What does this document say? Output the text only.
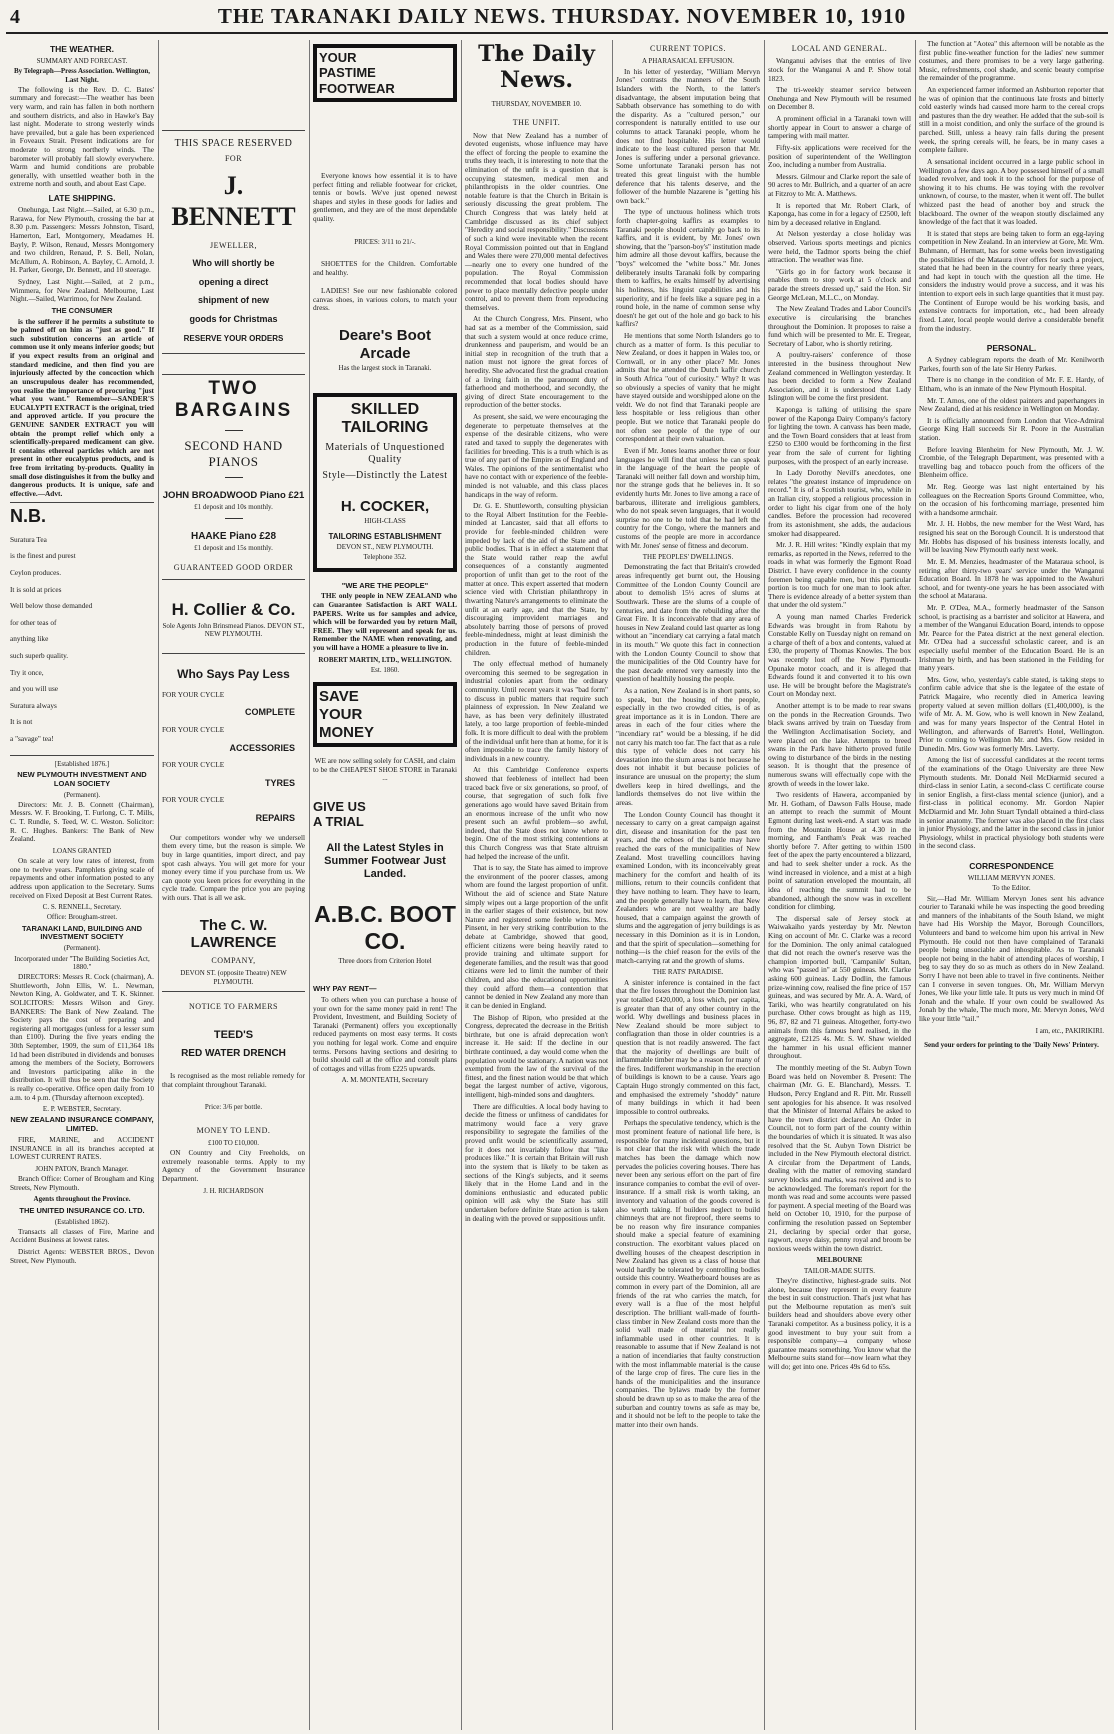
4	THE TARANAKI DAILY NEWS. THURSDAY. NOVEMBER 10, 1910
THE WEATHER.
SUMMARY AND FORECAST.
By Telegraph—Press Association. Wellington, Last Night.

The following is the Rev. D. C. Bates' summary and forecast:—The weather has been very warm, and rain has fallen in both northern and southern districts, and also in Hawke's Bay last night. Moderate to strong westerly winds have prevailed, but a gale has been experienced in Foveaux Strait. Present indications are for moderate to strong northerly winds. The barometer will probably fall slowly everywhere. Warm and humid conditions are probable generally, with unsettled weather both in the extreme north and south, and about East Cape.

LATE SHIPPING.

Onehunga, Last Night.—Sailed, at 6.30 p.m., Rarawa, for New Plymouth, crossing the bar at 8.30 p.m. Passengers: Messrs Johnston, Tisard, Hamerton, Earl, Montgomery, Meadames H. Bayly, P. Wilson, Renaud, Messrs Montgomery and two children, Renaud, P. S. Bell, Nolan, McAllum, A. Robinson, A. Bayley, C. Arnold, J. H. Parker, George, Dr. Bennett, and 10 steerage.

Sydney, Last Night.—Sailed, at 2 p.m., Wimmera, for New Zealand. Melbourne, Last Night.—Sailed, Warrimoo, for New Zealand.

THE CONSUMER

is the sufferer if he permits a substitute to be palmed off on him as "just as good." If such substitution concerns an article of common use it only means inferior goods; but if you expect results from an original and standard medicine, and then find you are injuriously affected by the concoction which an unscrupulous dealer has recommended, you realise the importance of procuring "just what you want." Remember—SANDER'S EUCALYPTI EXTRACT is the original, tried and approved article. If you procure the GENUINE SANDER EXTRACT you will obtain the prompt relief which only a scientifically-prepared medicament can give. It contains ethereal particles which are not present in other eucalyptus products, and is free from irritating by-products. Quality in small dose distinguishes it from the bulky and dangerous products. It is unique, safe and effective.—Advt.

N.B.

Suratura Tea

is the finest and purest

Ceylon produces.

It is sold at prices

Well below those demanded

for other teas of

anything like

such superb quality.

Try it once,

and you will use

Suratura always

It is not

a "savage" tea!

[Established 1876.]
NEW PLYMOUTH INVESTMENT AND LOAN SOCIETY
(Permanent).

Directors: Mr. J. B. Connett (Chairman), Messrs. W. F. Brooking, T. Furlong, C. T. Mills, C. T. Rundle, S. Teed, W. C. Weston. Solicitor: R. C. Hughes. Bankers: The Bank of New Zealand.

LOANS GRANTED

On scale at very low rates of interest, from one to twelve years. Pamphlets giving scale of repayments and other information posted to any address upon application to the Secretary. Sums received on Fixed Deposit at Best Current Rates.

C. S. RENNELL, Secretary.
Office: Brougham-street.
TARANAKI LAND, BUILDING AND INVESTMENT SOCIETY
(Permanent).
Incorporated under "The Building Societies Act, 1880."

DIRECTORS: Messrs R. Cock (chairman), A. Shuttleworth, John Ellis, W. L. Newman, Newton King, A. Goldwater, and T. K. Skinner. SOLICITORS: Messrs Wilson and Grey. BANKERS: The Bank of New Zealand. The Society pays the cost of preparing and registering all mortgages (unless for a lesser sum than £100). During the five years ending the 30th September, 1909, the sum of £11,364 18s 1d had been distributed in dividends and bonuses among the members of the Society, Borrowers and Investors participating alike in the distribution. It will thus be seen that the Society is really co-operative. Office open daily from 10 a.m. to 4 p.m. (Thursday afternoon excepted).

E. P. WEBSTER, Secretary.
NEW ZEALAND INSURANCE COMPANY, LIMITED.

FIRE, MARINE, and ACCIDENT INSURANCE in all its branches accepted at LOWEST CURRENT RATES.

JOHN PATON, Branch Manager.

Branch Office: Corner of Brougham and King Streets, New Plymouth.

Agents throughout the Province.
THE UNITED INSURANCE CO. LTD.
(Established 1862).

Transacts all classes of Fire, Marine and Accident Business at lowest rates.

District Agents: WEBSTER BROS., Devon Street, New Plymouth.

THIS SPACE RESERVED
FOR
J. BENNETT
JEWELLER,
Who will shortly be
opening a direct
shipment of new
goods for Christmas
RESERVE YOUR ORDERS
TWO BARGAINS
SECOND HAND PIANOS
JOHN BROADWOOD Piano £21
£1 deposit and 10s monthly.
HAAKE Piano £28
£1 deposit and 15s monthly.
GUARANTEED GOOD ORDER
H. Collier & Co.
Sole Agents John Brinsmead Pianos. DEVON ST., NEW PLYMOUTH.
Who Says Pay Less
FOR YOUR CYCLE
COMPLETE
FOR YOUR CYCLE
ACCESSORIES
FOR YOUR CYCLE
TYRES
FOR YOUR CYCLE
REPAIRS

Our competitors wonder why we undersell them every time, but the reason is simple. We buy in large quantities, import direct, and pay spot cash always. You will get more for your money every time if you purchase from us. We can quote you keen prices for everything in the cycle trade. Compare the price you are paying with ours. That is all we ask.

The C. W. LAWRENCE
COMPANY,
DEVON ST. (opposite Theatre) NEW PLYMOUTH.
NOTICE TO FARMERS
TEED'S
RED WATER DRENCH

Is recognised as the most reliable remedy for that complaint throughout Taranaki.

Price: 3/6 per bottle.
MONEY TO LEND.
£100 TO £10,000.

ON Country and City Freeholds, on extremely reasonable terms. Apply to my Agency of the Government Insurance Department.

J. H. RICHARDSON
YOUR
PASTIME
FOOTWEAR

Everyone knows how essential it is to have perfect fitting and reliable footwear for cricket, tennis or bowls. We've just opened newest shapes and styles in these goods for ladies and gentlemen, and they are of the most dependable quality.

PRICES: 3/11 to 21/-.

SHOETTES for the Children. Comfortable and healthy.

LADIES! See our new fashionable colored canvas shoes, in various colors, to match your dress.

Deare's Boot Arcade
Has the largest stock in Taranaki.
SKILLED TAILORING
Materials of Unquestioned Quality
Style—Distinctly the Latest
H. COCKER,
HIGH-CLASS
TAILORING ESTABLISHMENT
DEVON ST., NEW PLYMOUTH.
Telephone 352.
"WE ARE THE PEOPLE"

THE only people in NEW ZEALAND who can Guarantee Satisfaction is ART WALL PAPERS. Write us for samples and advice, which will be forwarded you by return Mail, FREE. They will represent and speak for us. Remember the NAME when renovating, and you will have a HOME a pleasure to live in.

ROBERT MARTIN, LTD., WELLINGTON.
Est. 1860.
SAVE
YOUR
MONEY

WE are now selling solely for CASH, and claim to be the CHEAPEST SHOE STORE in Taranaki ...

GIVE US
A TRIAL
All the Latest Styles in Summer Footwear Just Landed.
A.B.C. BOOT CO.
Three doors from Criterion Hotel
WHY PAY RENT—

To others when you can purchase a house of your own for the same money paid in rent! The Provident, Investment, and Building Society of Taranaki (Permanent) offers you exceptionally reduced payments on most easy terms. It costs you nothing for legal work. Come and enquire terms. Persons having sections and desiring to build should call at the office and consult plans of cottages and villas from £225 upwards.

A. M. MONTEATH, Secretary
The Daily News.
THURSDAY, NOVEMBER 10.
THE UNFIT.

Now that New Zealand has a number of devoted eugenists, whose influence may have the effect of forcing the people to examine the truths they teach, it is interesting to note that the elimination of the unfit is a question that is occupying statesmen, medical men and philanthropists in the older countries. One notable feature is that the Church in Britain is seriously discussing the great problem. The Church Congress that was lately held at Cambridge discussed as its chief subject "Heredity and social responsibility." Discussions of such a kind were inevitable when the recent Royal Commission pointed out that in England and Wales there were 270,000 mental defectives—nearly one to every one hundred of the population. The Royal Commission recommended that local bodies should have power to place mentally defective people under control, and to prevent them from reproducing themselves.

At the Church Congress, Mrs. Pinsent, who had sat as a member of the Commission, said that such a system would at once reduce crime, drunkenness and pauperism, and would be an initial step in recognition of the truth that a nation must not ignore the great forces of heredity. She advocated first the gradual creation of a living faith in the paramount duty of fatherhood and motherhood, and secondly, the giving of direct State encouragement to the reproduction of the better stocks.

As present, she said, we were encouraging the degenerate to perpetuate themselves at the expense of the desirable citizens, who were rated and taxed to supply the degenerates with facilities for breeding. This is a truth which is as true of any part of the Empire as of England and Wales. The opinions of the sentimentalist who have no contact with or experience of the feeble-minded is not valuable, and this class places handicaps in the way of reform.

Dr. G. E. Shuttleworth, consulting physician to the Royal Albert Institution for the Feeble-minded at Lancaster, said that all efforts to provide for feeble-minded children were impeded by lack of the aid of the State and of public bodies. That is in effect a statement that the State would rather reap the awful consequences of a constantly augmented proportion of unfit than get to the root of the matter at once. This expert asserted that modern science vied with Christian philanthropy in thwarting Nature's arrangements to eliminate the unfit at an early age, and that the State, by discouraging improvident marriages and absolutely barring those of persons of proved feeble-mindedness, might at least diminish the production in the future of feeble-minded children.

The only effectual method of humanely overcoming this seemed to be segregation in industrial colonies apart from the ordinary community. Until recent years it was "bad form" to discuss in public matters that require such plainness of expression. In New Zealand we have, as has been very definitely illustrated lately, a too large proportion of feeble-minded folk. It is more difficult to deal with the problem of the individual unfit here than at home, for it is often impossible to trace the family history of individuals in a new country.

At this Cambridge Conference experts showed that feebleness of intellect had been traced back five or six generations, so proof, of course, that segregation of such folk five generations ago would have saved Britain from an enormous increase of the unfit who now present such an awful problem—so awful, indeed, that the State does not know where to begin. One of the most striking contentions at this Church Congress was that State altruism had helped the increase of the unfit.

That is to say, the State has aimed to improve the environment of the poorer classes, among whom are found the largest proportion of unfit. Without the aid of science and State Nature simply wipes out a large proportion of the unfit in the earlier stages of their existence, but now Nature and registered some feeble wins. Mrs. Pinsent, in her very striking contribution to the debate at Cambridge, showed that good, efficient citizens were being heavily rated to provide training and ultimate support for degenerate families, and the result was that good citizens were led to limit the number of their children, and also the educational opportunities they could afford them—a contention that cannot be denied in New Zealand any more than it can be denied in England.

The Bishop of Ripon, who presided at the Congress, deprecated the decrease in the British birthrate, but one is afraid deprecation won't increase it. He said: If the decline in our birthrate continued, a day would come when the population would be stationary. A nation was not exempted from the law of the survival of the fittest, and the finest nation would be that which begat the largest number of active, vigorous, intelligent, high-minded sons and daughters.

There are difficulties. A local body having to decide the fitness or unfitness of candidates for matrimony would face a very grave responsibility to segregate the families of the proved unfit would be scientifically assumed, for it does not invariably follow that "like produces like." It is certain that Britain will rush into the system that is likely to be taken as sections of the King's subjects, and it seems likely that in the Home Land and in the dominions enthusiastic and educated public opinion will ask why the State has still undertaken before definite State action is taken in dealing with the proved or suppositious unfit.

CURRENT TOPICS.
A PHARASAICAL EFFUSION.

In his letter of yesterday, "William Mervyn Jones" contrasts the manners of the South Islanders with the North, to the latter's disadvantage, the absent imputation being that Sabbath observance has something to do with the disparity. As a "cultured person," our correspondent is naturally entitled to use our columns to attack Taranaki people, whom he does not find hospitable. His letter would indicate to the least cultured person that Mr. Jones is suffering under a personal grievance. Some unfortunate Taranaki person has not treated this great linguist with the humble deference that his talents deserve, and the follower of the humble Nazarene is "getting his own back."

The type of unctuous holiness which trots forth chapter-going kaffirs as examples to Taranaki people should certainly go back to its kaffirs, and it is evident, by Mr. Jones' own showing, that the "parson-boy's" institution made him admire all those devout kaffirs, because the "boys" welcomed the "white boss." Mr. Jones deliberately insults Taranaki folk by comparing them to kaffirs, he exalts himself by advertising his holiness, his linguist capabilities and his superiority, and if he feels like a square peg in a round hole, in the name of common sense why doesn't he get out of the hole and go back to his kaffirs?

He mentions that some North Islanders go to church as a matter of form. Is this peculiar to New Zealand, or does it happen in Wales too, or Cornwall, or in any other place? Mr. Jones admits that he attended the Dutch kaffir church in South Africa "out of curiosity." Why? It was so obviously a species of vanity that he might have stayed outside and worshipped alone on the veldt. We do not find that Taranaki people are less hospitable or less religious than other people. But we notice that Taranaki people do not often see people of the type of our correspondent at their own valuation.

Even if Mr. Jones learns another three or four languages he will find that unless he can speak in the language of the heart the people of Taranaki will neither fall down and worship him, nor the strange gods that he believes in. It so evidently hurts Mr. Jones to live among a race of barbarous, illiterate and irreligious gamblers, who do not speak seven languages, that it would surprise no one to be told that he had left the country for the Congo, where the manners and customs of the people are more in accordance with Mr. Jones' sense of fitness and decorum.

THE PEOPLES' DWELLINGS.

Demonstrating the fact that Britain's crowded areas infrequently get burnt out, the Housing Committee of the London County Council are about to demolish 15½ acres of slums at Southwark. These are the slums of a couple of centuries, and date from the rebuilding after the Great Fire. It is inconceivable that any area of houses in New Zealand could last quarter as long without an "incendiary cat carrying a fatal match in its mouth." We quote this fact in connection with the London County Council to show that the municipalities of the Old Country have for the past decade entered very earnestly into the question of healthily housing the people.

As a nation, New Zealand is in short pants, so to speak, but the housing of the people, especially in the two crowded cities, is of as great importance as it is in London. There are areas in each of the four cities where the "incendiary rat" would be a blessing, if he did not carry his match too far. The fact that as a rule this type of vehicle does not carry his devastation into the slum areas is not because he does not inhabit it but because policies of insurance are unusual on the property; the slum dwellers keep in hired dwellings, and the landlords themselves do not live within the areas.

The London County Council has thought it necessary to carry on a great campaign against dirt, disease and insanitation for the past ten years, and the echoes of the battle may have reached the ears of the municipalities of New Zealand. Most travelling councillors having examined London, with its inconceivably great machinery for the comfort and health of its millions, return to their councils confident that they have nothing to learn. They have to learn, and the people generally have to learn, that New Zealanders who are not wealthy are badly housed, that a campaign against the growth of slums and the aggregation of jerry buildings is as necessary in this Dominion as it is in London, and that the spirit of speculation—something for nothing—is the chief reason for the evils of the match-carrying rat and the growth of slums.

THE RATS' PARADISE.

A sinister inference is contained in the fact that the fire losses throughout the Dominion last year totalled £420,000, a loss which, per capita, is greater than that of any other country in the world. Why dwellings and business places in New Zealand should be more subject to conflagration than those in older countries is a question that is not readily answered. The fact that the majority of dwellings are built of inflammable timber may be a reason for many of the fires. Indifferent workmanship in the erection of buildings is known to be a cause. Years ago Captain Hugo strongly commented on this fact, and emphasised the extremely "shoddy" nature of many buildings in which it had been impossible to control outbreaks.

Perhaps the speculative tendency, which is the most prominent feature of national life here, is responsible for many incidental questions, but it is not clear that the risk with which the trade matches has been the damage which now pervades the policies covering houses. There has never been any serious effort on the part of fire insurance companies to combat the evil of over-insurance. If a small risk is worth taking, an inventory and valuation of the goods covered is also worth taking. If builders neglect to build chimneys that are not fireproof, there seems to be no reason why fire insurance companies should make a special feature of examining construction. The exorbitant values placed on dwelling houses of the cheapest description in New Zealand has given us a class of house that would hardly be tolerated by controlling bodies outside this country. Weatherboard houses are as common in every part of the Dominion, all are friends of the rat who carries the match, for every wall is a flue of the most helpful description. The brilliant wall-made of fourth-class timber in New Zealand costs more than the solid wall made of material not really inflammable used in other countries. It is reasonable to assume that if New Zealand is not a nation of incendiaries that faulty construction with the most inflammable material is the cause of the large crop of fires. The cure lies in the hands of the municipalities and the insurance companies. The bylaws made by the former should be drawn up so as to make the area of the suburban and country towns as safe as may be, and it should not be left to the people to take the matter into their own hands.

LOCAL AND GENERAL.

Wanganui advises that the entries of live stock for the Wanganui A and P. Show total 1823.

The tri-weekly steamer service between Onehunga and New Plymouth will be resumed on December 8.

A prominent official in a Taranaki town will shortly appear in Court to answer a charge of tampering with mail matter.

Fifty-six applications were received for the position of superintendent of the Wellington Zoo, including a number from Australia.

Messrs. Gilmour and Clarke report the sale of 90 acres to Mr. Bullrich, and a quarter of an acre at Fitzroy to Mr. A. Matthews.

It is reported that Mr. Robert Clark, of Kaponga, has come in for a legacy of £2500, left him by a deceased relative in England.

At Nelson yesterday a close holiday was observed. Various sports meetings and picnics were held, the Tadmor sports being the chief attraction. The weather was fine.

"Girls go in for factory work because it enables them to stop work at 5 o'clock and parade the streets dressed up," said the Hon. Sir George McLean, M.L.C., on Monday.

The New Zealand Trades and Labor Council's executive is circularising the branches throughout the Dominion. It proposes to raise a fund which will be presented to Mr. E. Tregear, Secretary of Labor, who is shortly retiring.

A poultry-raisers' conference of those interested in the business throughout New Zealand commenced in Wellington yesterday. It has been decided to form a New Zealand Association, and it is understood that Lady Islington will be come the first president.

Kaponga is talking of utilising the spare power of the Kaponga Dairy Company's factory for lighting the town. A canvass has been made, and the Town Board considers that at least from £250 to £300 would be forthcoming in the first year from the sale of current for lighting purposes, with the prospect of an early increase.

In Lady Dorothy Nevill's anecdotes, one relates "the greatest instance of imprudence on record." It is of a Scottish tourist, who, while in an Italian city, stopped a religious procession in order to light his cigar from one of the holy candles. Before the procession had recovered from its astonishment, she adds, the audacious smoker had disappeared.

Mr. J. R. Hill writes: "Kindly explain that my remarks, as reported in the News, referred to the roads in what was formerly the Egmont Road District. I have every confidence in the county foremen being capable men, but this particular portion is too much for one man to look after. There is evidence already of a better system than that under the old system."

A young man named Charles Frederick Edwards was brought in from Rahotu by Constable Kelly on Tuesday night on remand on a charge of theft of a box and contents, valued at £30, the property of Thomas Knowles. The box was recently lost off the New Plymouth-Opunake motor coach, and it is alleged that Edwards found it and converted it to his own use. He will be brought before the Magistrate's Court on Monday next.

Another attempt is to be made to rear swans on the ponds in the Recreation Grounds. Two black swans arrived by train on Tuesday from the Wellington Acclimatisation Society, and were placed on the lake. Attempts to breed swans in the Park have hitherto proved futile owing to disturbance of the birds in the nesting season. It is thought that the presence of numerous swans will effectually cope with the growth of weeds in the lower lake.

Two residents of Hawera, accompanied by Mr. H. Gotham, of Dawson Falls House, made an attempt to reach the summit of Mount Egmont during last week-end. A start was made from the Mountain House at 4.30 in the morning, and Fantham's Peak was reached shortly before 7. After getting to within 1500 feet of the apex the party encountered a blizzard, and had to seek shelter under a rock. As the wind increased in violence, and a mist at a high point of saturation enveloped the mountain, all idea of reaching the summit had to be abandoned, although the snow was in excellent condition for climbing.

The dispersal sale of Jersey stock at Waiwakaiho yards yesterday by Mr. Newton King on account of Mr. C. Clarke was a record for the Dominion. The only animal catalogued that did not reach the owner's reserve was the champion imported bull, 'Campanile' Sultan, who was "passed in" at 550 guineas. Mr. Clarke asking 600 guineas. Lady Dodlin, the famous prize-winning cow, realised the fine price of 157 guineas, and was secured by Mr. A. A. Ward, of Tariki, who was heartily congratulated on his purchase. Other cows brought as high as 119, 96, 87, 82 and 71 guineas. Altogether, forty-two animals from this famous herd realised, in the aggregate, £2125 4s. Mr. S. W. Shaw wielded the hammer in his usual efficient manner throughout.

The monthly meeting of the St. Aubyn Town Board was held on November 8. Present: The chairman (Mr. G. E. Blanchard), Messrs. T. Hudson, Percy England and R. Pitt. Mr. Russell sent apologies for his absence. It was resolved that the Minister of Internal Affairs be asked to have the town district declared. An Order in Council, not to form part of the county within the boundaries of which it is situated. It was also resolved that the St. Aubyn Town District be included in the New Plymouth electoral district. A circular from the Department of Lands, dealing with the matter of removing standard survey blocks and marks, was received and is to be acknowledged. The foreman's report for the month was read and some accounts were passed for payment. A special meeting of the Board was held on October 10, 1910, for the purpose of confirming the resolution passed on September 21, declaring by special order that gorse, ragwort, oxeye daisy, penny royal and broom be noxious weeds within the town district.

MELBOURNE
TAILOR-MADE SUITS.

They're distinctive, highest-grade suits. Not alone, because they represent in every feature the best in suit construction. That's just what has put the Melbourne reputation as men's suit builders head and shoulders above every other Taranaki competitor. As a business policy, it is a good investment to buy your suit from a responsible company—a company whose guarantee means something. You know what the Melbourne suits stand for—now learn what they will do; get into one. Prices 49s 6d to 65s.

The function at "Aotea" this afternoon will be notable as the first public fine-weather function for the ladies' new summer costumes, and there promises to be a very large gathering. Music, refreshments, cool shade, and scenic beauty comprise the remainder of the programme.

An experienced farmer informed an Ashburton reporter that he was of opinion that the continuous late frosts and bitterly cold easterly winds had caused more harm to the cereal crops and pastures than the dry weather. He added that the sub-soil is still in a moist condition, and only the surface of the ground is parched. Still, unless a heavy rain falls during the present week, the spring cereals will, he fears, be in many cases a complete failure.

A sensational incident occurred in a large public school in Wellington a few days ago. A boy possessed himself of a small loaded revolver, and took it to the school for the purpose of showing it to his chums. He was toying with the revolver unknown, of course, to the master, when it went off. The bullet whizzed past the head of another boy and struck the blackboard. The owner of the weapon stoutly disclaimed any knowledge of the fact that it was loaded.

It is stated that steps are being taken to form an egg-laying competition in New Zealand. In an interview at Gore, Mr. Wm. Buhmann, of Hermatt, has for some weeks been investigating the possibilities of the Mataura river offers for such a project, stated that he had been in the country for nearly three years, and had kept in touch with the question all the time. He considers the industry would prove a success, and it was his intention to export eels in such large quantities that it must pay. The Continent of Europe would be his working basis, and extensive contracts for importation, etc., had been already fixed. Later, local people would derive a considerable benefit from the industry.

PERSONAL.

A Sydney cablegram reports the death of Mr. Kenilworth Parkes, fourth son of the late Sir Henry Parkes.

There is no change in the condition of Mr. F. E. Hardy, of Eltham, who is an inmate of the New Plymouth Hospital.

Mr. T. Amos, one of the oldest painters and paperhangers in New Zealand, died at his residence in Wellington on Monday.

It is officially announced from London that Vice-Admiral George King Hall succeeds Sir R. Poore in the Australian station.

Before leaving Blenheim for New Plymouth, Mr. J. W. Crombie, of the Telegraph Department, was presented with a travelling bag and tobacco pouch from the officers of the Blenheim office.

Mr. Reg. George was last night entertained by his colleagues on the Recreation Sports Ground Committee, who, on the occasion of his forthcoming marriage, presented him with a handsome armchair.

Mr. J. H. Hobbs, the new member for the West Ward, has resigned his seat on the Borough Council. It is understood that Mr. Hobbs has disposed of his business interests locally, and will be leaving New Plymouth early next week.

Mr. E. M. Menzies, headmaster of the Mataraua school, is retiring after thirty-two years' service under the Wanganui Education Board. In 1878 he was appointed to the Awahuri school, and for twenty-one years he has been associated with the school at Mataraua.

Mr. P. O'Dea, M.A., formerly headmaster of the Sanson school, is practising as a barrister and solicitor at Hawera, and a member of the Wanganui Education Board, intends to oppose Mr. Pearce for the Patea district at the next general election. Mr. O'Dea had a successful scholastic career, and is an especially useful member of the Education Board. He is an Irishman by birth, and has been stationed in the Feilding for many years.

Mrs. Gow, who, yesterday's cable stated, is taking steps to confirm cable advice that she is the legatee of the estate of Patrick Magaire, who recently died in America leaving property valued at seven million dollars (£1,400,000), is the wife of Mr. A. M. Gow, who is well known in New Zealand, and was for many years Inspector of the Central Hotel in Wellington, and afterwards of Barrett's Hotel, Wellington. Prior to coming to Wellington Mr. and Mrs. Gow resided in Dunedin. Mrs. Gow was formerly Mrs. Laverty.

Among the list of successful candidates at the recent terms of the examinations of the Otago University are three New Plymouth students. Mr. Donald Neil McDiarmid secured a third-class in senior Latin, a second-class C certificate course in senior English, a first-class mental science (junior), and a first-class in political economy. Mr. Gordon Napier McDiarmid and Mr. John Stuart Tyndall obtained a third-class in senior anatomy. The former was also placed in the first class in junior Physiology, and the latter in the second class in junior Physiology, whilst in practical physiology both students were in the second class.

CORRESPONDENCE
WILLIAM MERVYN JONES.
To the Editor.

Sir,—Had Mr. William Mervyn Jones sent his advance courier to Taranaki while he was inspecting the good breeding and manners of the inhabitants of the South Island, we might have had His Worship the Mayor, Borough Councillors, Volunteers and band to welcome him upon his arrival in New Plymouth. He could not then have complained of Taranaki people being unsociable and inhospitable. As to Taranaki people not being in the habit of attending places of worship, I beg to say they do so as much as others do in New Zealand. Sorry I have not been able to travel in five continents. Neither can I converse in seven tongues. Oh, Mr. William Mervyn Jones, We like your little tale. It puts us very much in mind Of Jonah and the whale. If your own could be swallowed As Jonah by the whale, The much more, Mr. Mervyn Jones, We'd like your little "tail."

I am, etc., PAKIRIKIRI.
Send your orders for printing to the 'Daily News' Printery.
